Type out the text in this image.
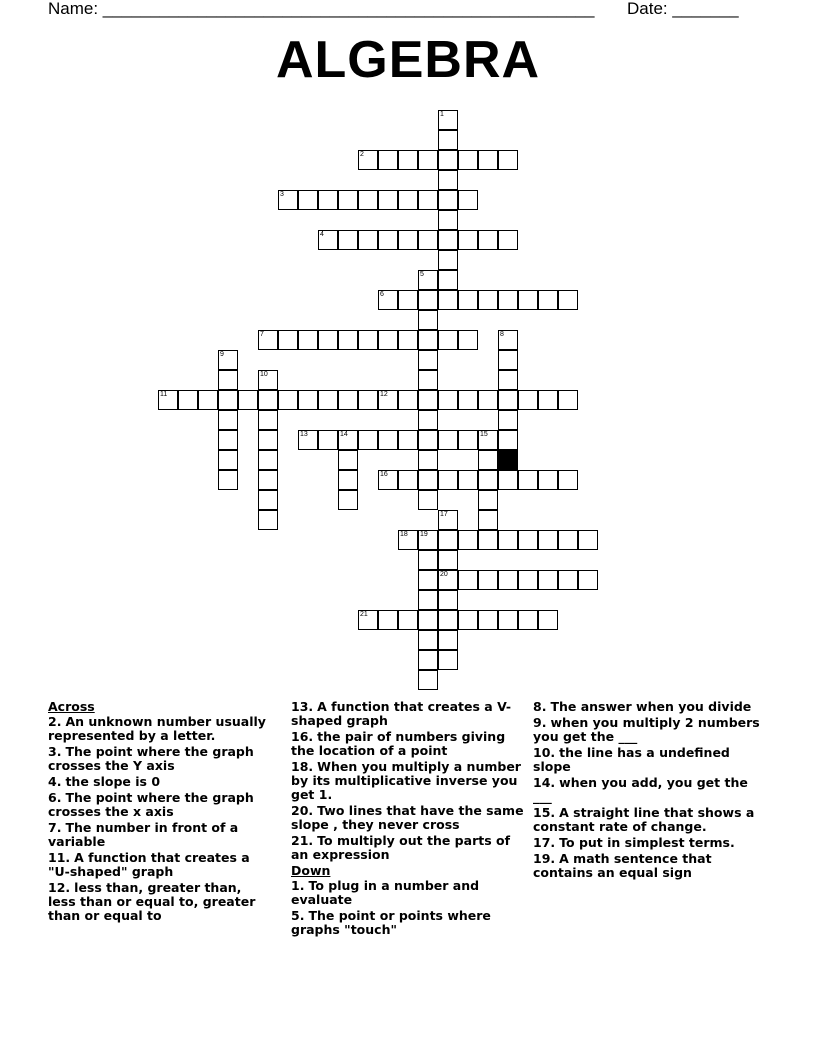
Name: ____________________________________________________ Date: _______
ALGEBRA
1
2
3
4
5
6
7	8
9
10
11	12
13	14	15
16
17
20
18 19
21
Across
2. An unknown number usually represented by a letter.
3. The point where the graph crosses the Y axis
4. the slope is 0
6. The point where the graph crosses the x axis
7. The number in front of a variable
11. A function that creates a "U-shaped" graph
12. less than, greater than, less than or equal to, greater than or equal to
13. A function that creates a V-shaped graph
16. the pair of numbers giving the location of a point
18. When you multiply a number by its multiplicative inverse you get 1.
20. Two lines that have the same slope , they never cross
21. To multiply out the parts of an expression
Down
1. To plug in a number and evaluate
5. The point or points where graphs "touch"
8. The answer when you divide
9. when you multiply 2 numbers you get the ___
10. the line has a undefined slope
14. when you add, you get the ___
15. A straight line that shows a constant rate of change.
17. To put in simplest terms.
19. A math sentence that contains an equal sign
